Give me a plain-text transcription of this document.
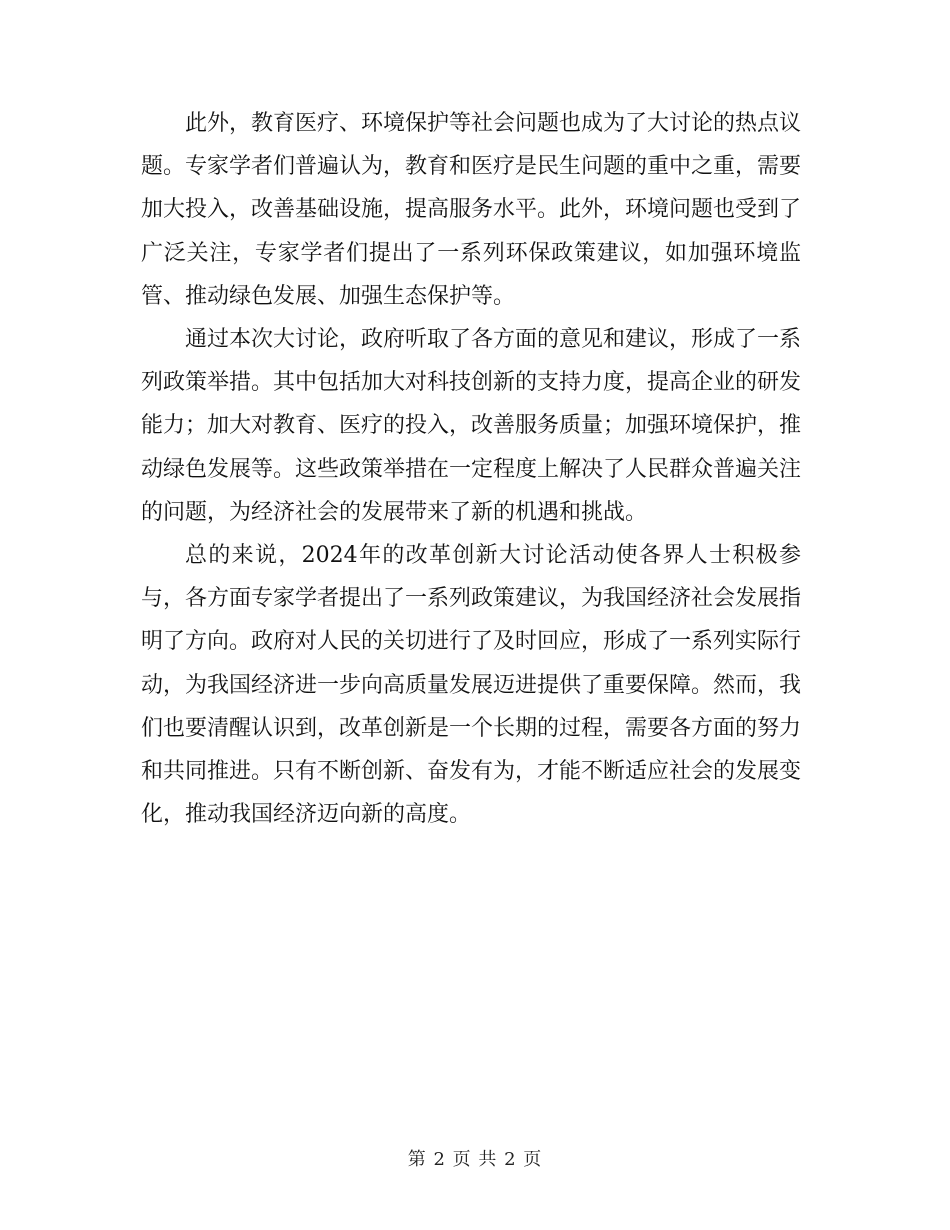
此外，教育医疗、环境保护等社会问题也成为了大讨论的热点议题。专家学者们普遍认为，教育和医疗是民生问题的重中之重，需要加大投入，改善基础设施，提高服务水平。此外，环境问题也受到了广泛关注，专家学者们提出了一系列环保政策建议，如加强环境监管、推动绿色发展、加强生态保护等。

通过本次大讨论，政府听取了各方面的意见和建议，形成了一系列政策举措。其中包括加大对科技创新的支持力度，提高企业的研发能力；加大对教育、医疗的投入，改善服务质量；加强环境保护，推动绿色发展等。这些政策举措在一定程度上解决了人民群众普遍关注的问题，为经济社会的发展带来了新的机遇和挑战。

总的来说，2024年的改革创新大讨论活动使各界人士积极参与，各方面专家学者提出了一系列政策建议，为我国经济社会发展指明了方向。政府对人民的关切进行了及时回应，形成了一系列实际行动，为我国经济进一步向高质量发展迈进提供了重要保障。然而，我们也要清醒认识到，改革创新是一个长期的过程，需要各方面的努力和共同推进。只有不断创新、奋发有为，才能不断适应社会的发展变化，推动我国经济迈向新的高度。

第 2 页 共 2 页
